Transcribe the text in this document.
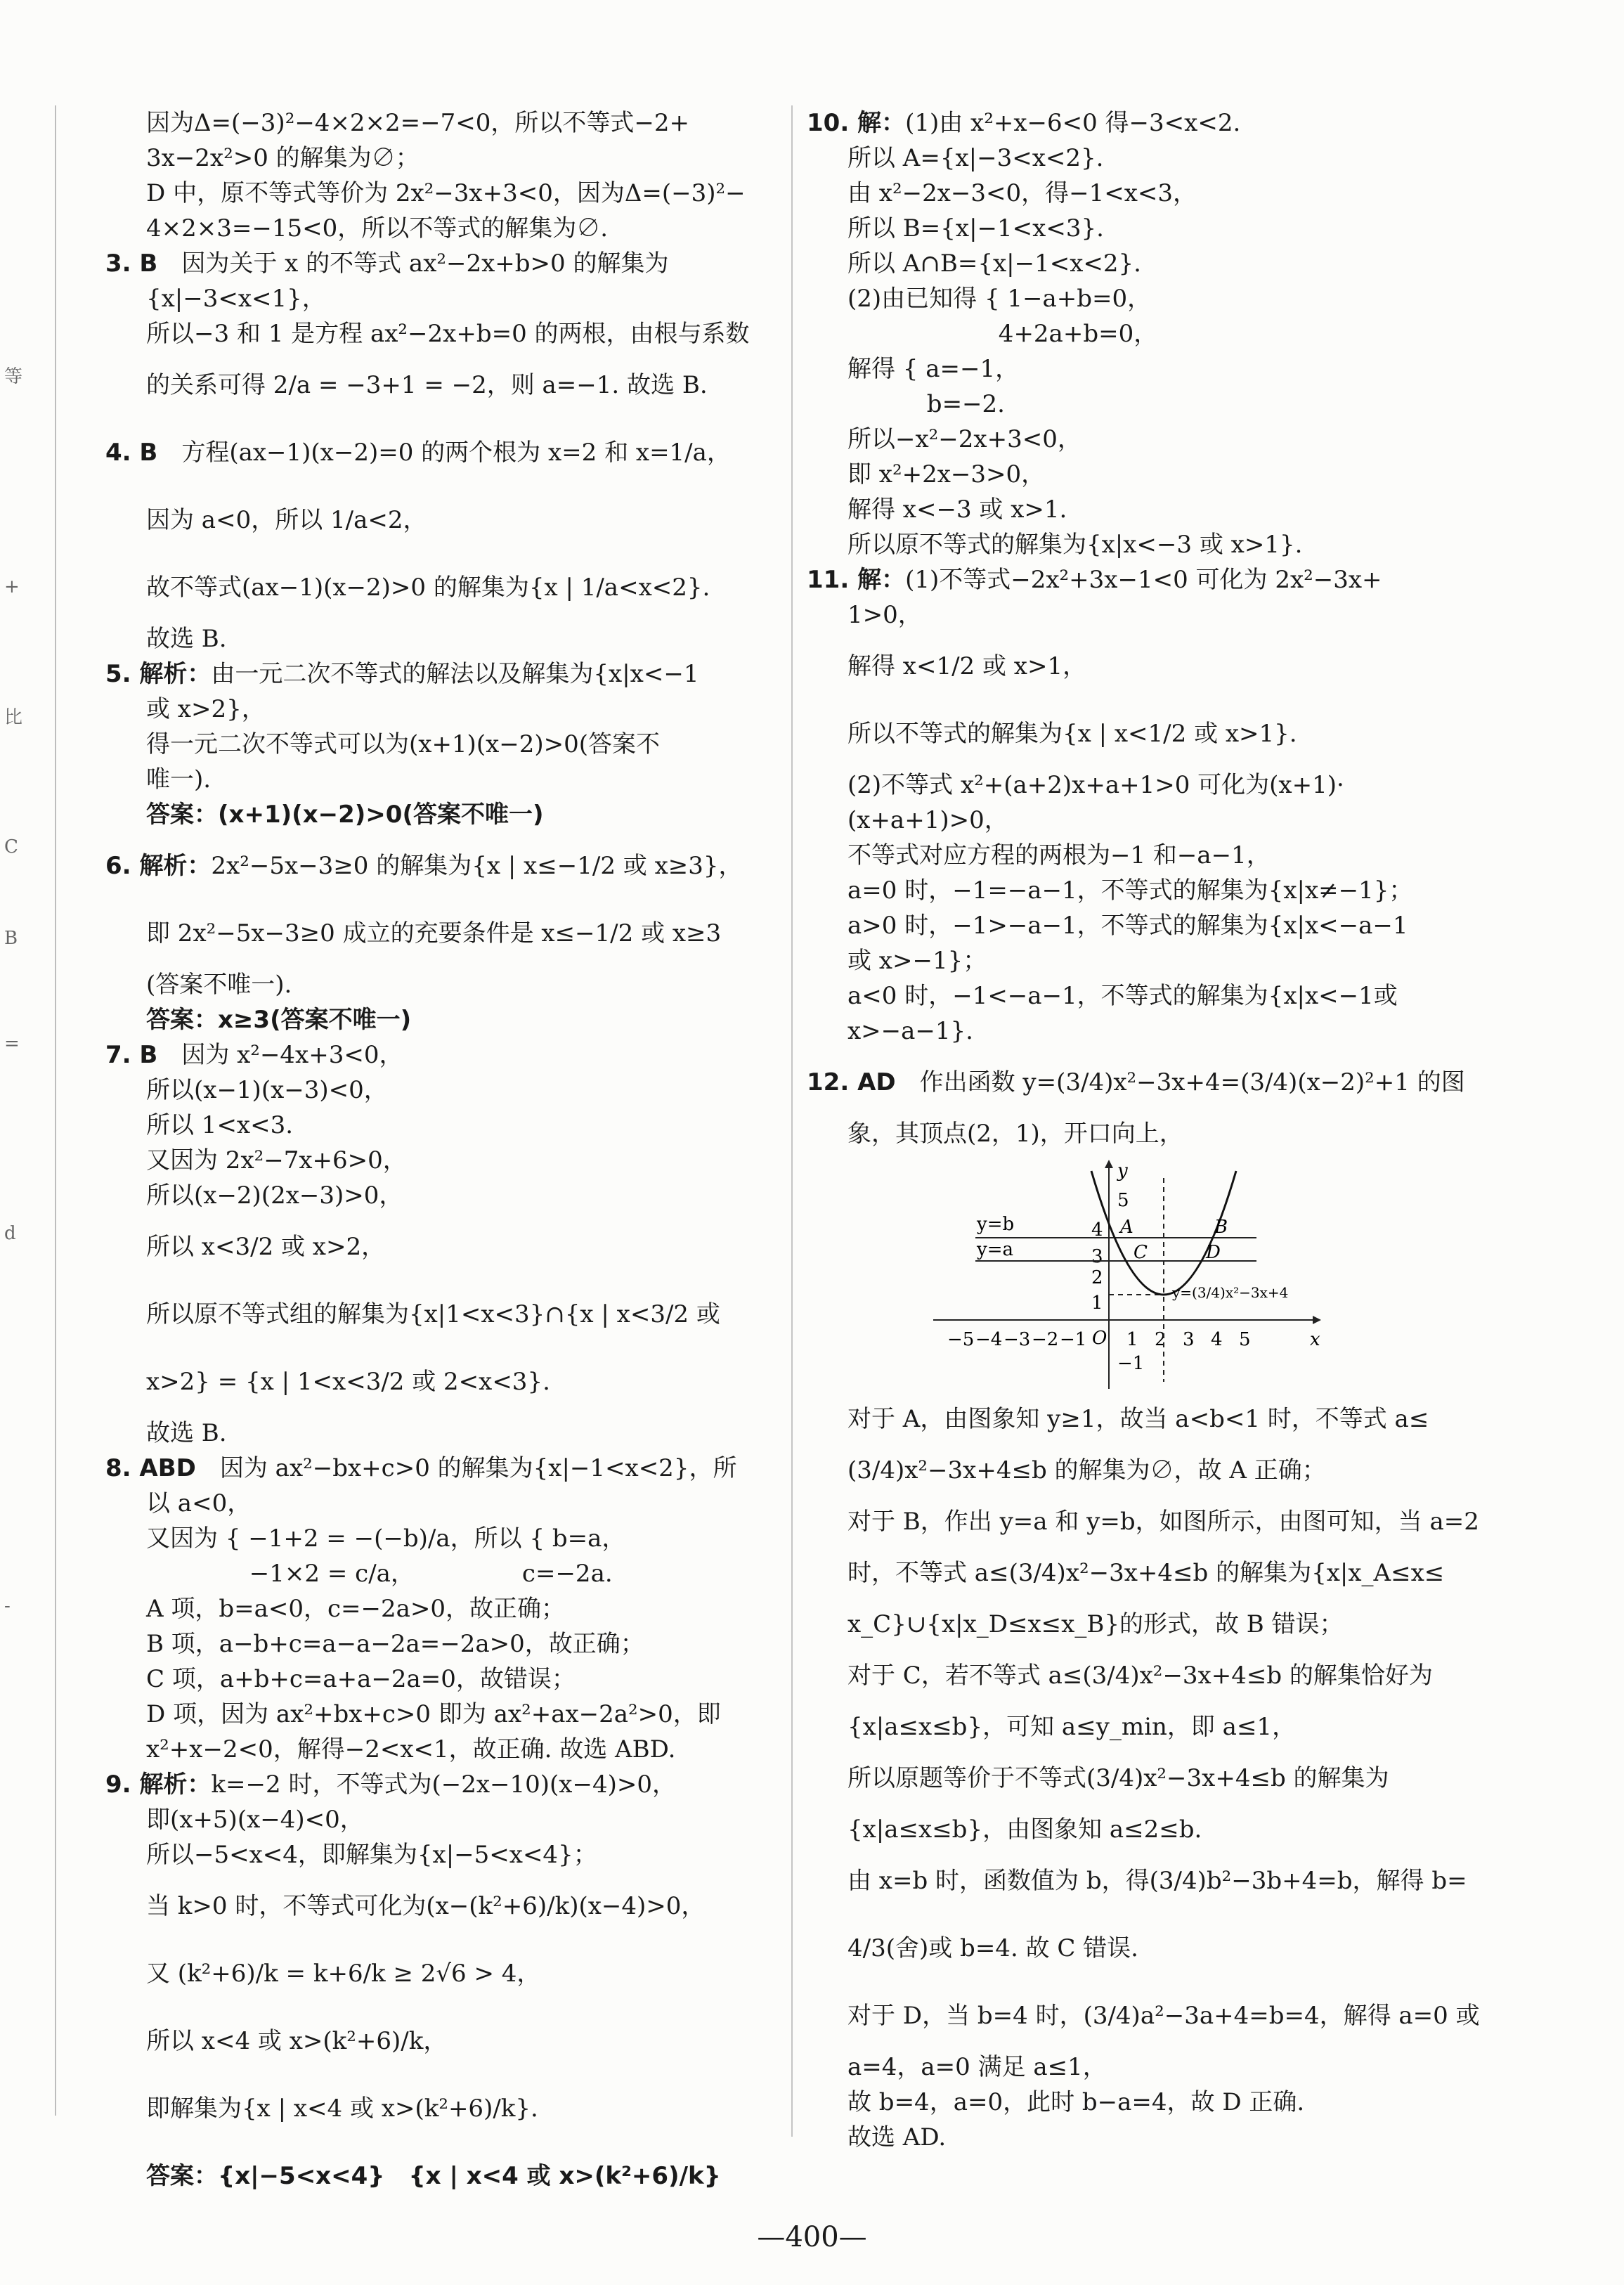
等
+
比
C
B
=
d
-
因为Δ=(−3)²−4×2×2=−7<0，所以不等式−2+
3x−2x²>0 的解集为∅；
D 中，原不等式等价为 2x²−3x+3<0，因为Δ=(−3)²−
4×2×3=−15<0，所以不等式的解集为∅.
3. B　因为关于 x 的不等式 ax²−2x+b>0 的解集为
{x|−3<x<1}，
所以−3 和 1 是方程 ax²−2x+b=0 的两根，由根与系数
的关系可得 2/a = −3+1 = −2，则 a=−1. 故选 B.
4. B　方程(ax−1)(x−2)=0 的两个根为 x=2 和 x=1/a，
因为 a<0，所以 1/a<2，
故不等式(ax−1)(x−2)>0 的解集为{x | 1/a<x<2}.
故选 B.
5. 解析：由一元二次不等式的解法以及解集为{x|x<−1
或 x>2}，
得一元二次不等式可以为(x+1)(x−2)>0(答案不
唯一).
答案：(x+1)(x−2)>0(答案不唯一)
6. 解析：2x²−5x−3≥0 的解集为{x | x≤−1/2 或 x≥3}，
即 2x²−5x−3≥0 成立的充要条件是 x≤−1/2 或 x≥3
(答案不唯一).
答案：x≥3(答案不唯一)
7. B　因为 x²−4x+3<0，
所以(x−1)(x−3)<0，
所以 1<x<3.
又因为 2x²−7x+6>0，
所以(x−2)(2x−3)>0，
所以 x<3/2 或 x>2，
所以原不等式组的解集为{x|1<x<3}∩{x | x<3/2 或
x>2} = {x | 1<x<3/2 或 2<x<3}.
故选 B.
8. ABD　因为 ax²−bx+c>0 的解集为{x|−1<x<2}，所
以 a<0，
又因为 { −1+2 = −(−b)/a，所以 { b=a，
　　　　 −1×2 = c/a，　　　　　c=−2a.
A 项，b=a<0，c=−2a>0，故正确；
B 项，a−b+c=a−a−2a=−2a>0，故正确；
C 项，a+b+c=a+a−2a=0，故错误；
D 项，因为 ax²+bx+c>0 即为 ax²+ax−2a²>0，即
x²+x−2<0，解得−2<x<1，故正确. 故选 ABD.
9. 解析：k=−2 时，不等式为(−2x−10)(x−4)>0，
即(x+5)(x−4)<0，
所以−5<x<4，即解集为{x|−5<x<4}；
当 k>0 时，不等式可化为(x−(k²+6)/k)(x−4)>0，
又 (k²+6)/k = k+6/k ≥ 2√6 > 4，
所以 x<4 或 x>(k²+6)/k，
即解集为{x | x<4 或 x>(k²+6)/k}.
答案：{x|−5<x<4}　{x | x<4 或 x>(k²+6)/k}
10. 解：(1)由 x²+x−6<0 得−3<x<2.
所以 A={x|−3<x<2}.
由 x²−2x−3<0，得−1<x<3，
所以 B={x|−1<x<3}.
所以 A∩B={x|−1<x<2}.
(2)由已知得 { 1−a+b=0，
　　　　　　 4+2a+b=0，
解得 { a=−1，
　　　 b=−2.
所以−x²−2x+3<0，
即 x²+2x−3>0，
解得 x<−3 或 x>1.
所以原不等式的解集为{x|x<−3 或 x>1}.
11. 解：(1)不等式−2x²+3x−1<0 可化为 2x²−3x+
1>0，
解得 x<1/2 或 x>1，
所以不等式的解集为{x | x<1/2 或 x>1}.
(2)不等式 x²+(a+2)x+a+1>0 可化为(x+1)·
(x+a+1)>0，
不等式对应方程的两根为−1 和−a−1，
a=0 时，−1=−a−1，不等式的解集为{x|x≠−1}；
a>0 时，−1>−a−1，不等式的解集为{x|x<−a−1
或 x>−1}；
a<0 时，−1<−a−1，不等式的解集为{x|x<−1或
x>−a−1}.
12. AD　作出函数 y=(3/4)x²−3x+4=(3/4)(x−2)²+1 的图
象，其顶点(2，1)，开口向上，
y
x
O
−5 −4 −3 −2 −1 1 2 3 4 5
5
4
3
2
1
−1
y=b
y=a
A	B
C	D
y=(3/4)x²−3x+4
对于 A，由图象知 y≥1，故当 a<b<1 时，不等式 a≤
(3/4)x²−3x+4≤b 的解集为∅，故 A 正确；
对于 B，作出 y=a 和 y=b，如图所示，由图可知，当 a=2
时，不等式 a≤(3/4)x²−3x+4≤b 的解集为{x|x_A≤x≤
x_C}∪{x|x_D≤x≤x_B}的形式，故 B 错误；
对于 C，若不等式 a≤(3/4)x²−3x+4≤b 的解集恰好为
{x|a≤x≤b}，可知 a≤y_min，即 a≤1，
所以原题等价于不等式(3/4)x²−3x+4≤b 的解集为
{x|a≤x≤b}，由图象知 a≤2≤b.
由 x=b 时，函数值为 b，得(3/4)b²−3b+4=b，解得 b=
4/3(舍)或 b=4. 故 C 错误.
对于 D，当 b=4 时，(3/4)a²−3a+4=b=4，解得 a=0 或
a=4，a=0 满足 a≤1，
故 b=4，a=0，此时 b−a=4，故 D 正确.
故选 AD.
—400—
